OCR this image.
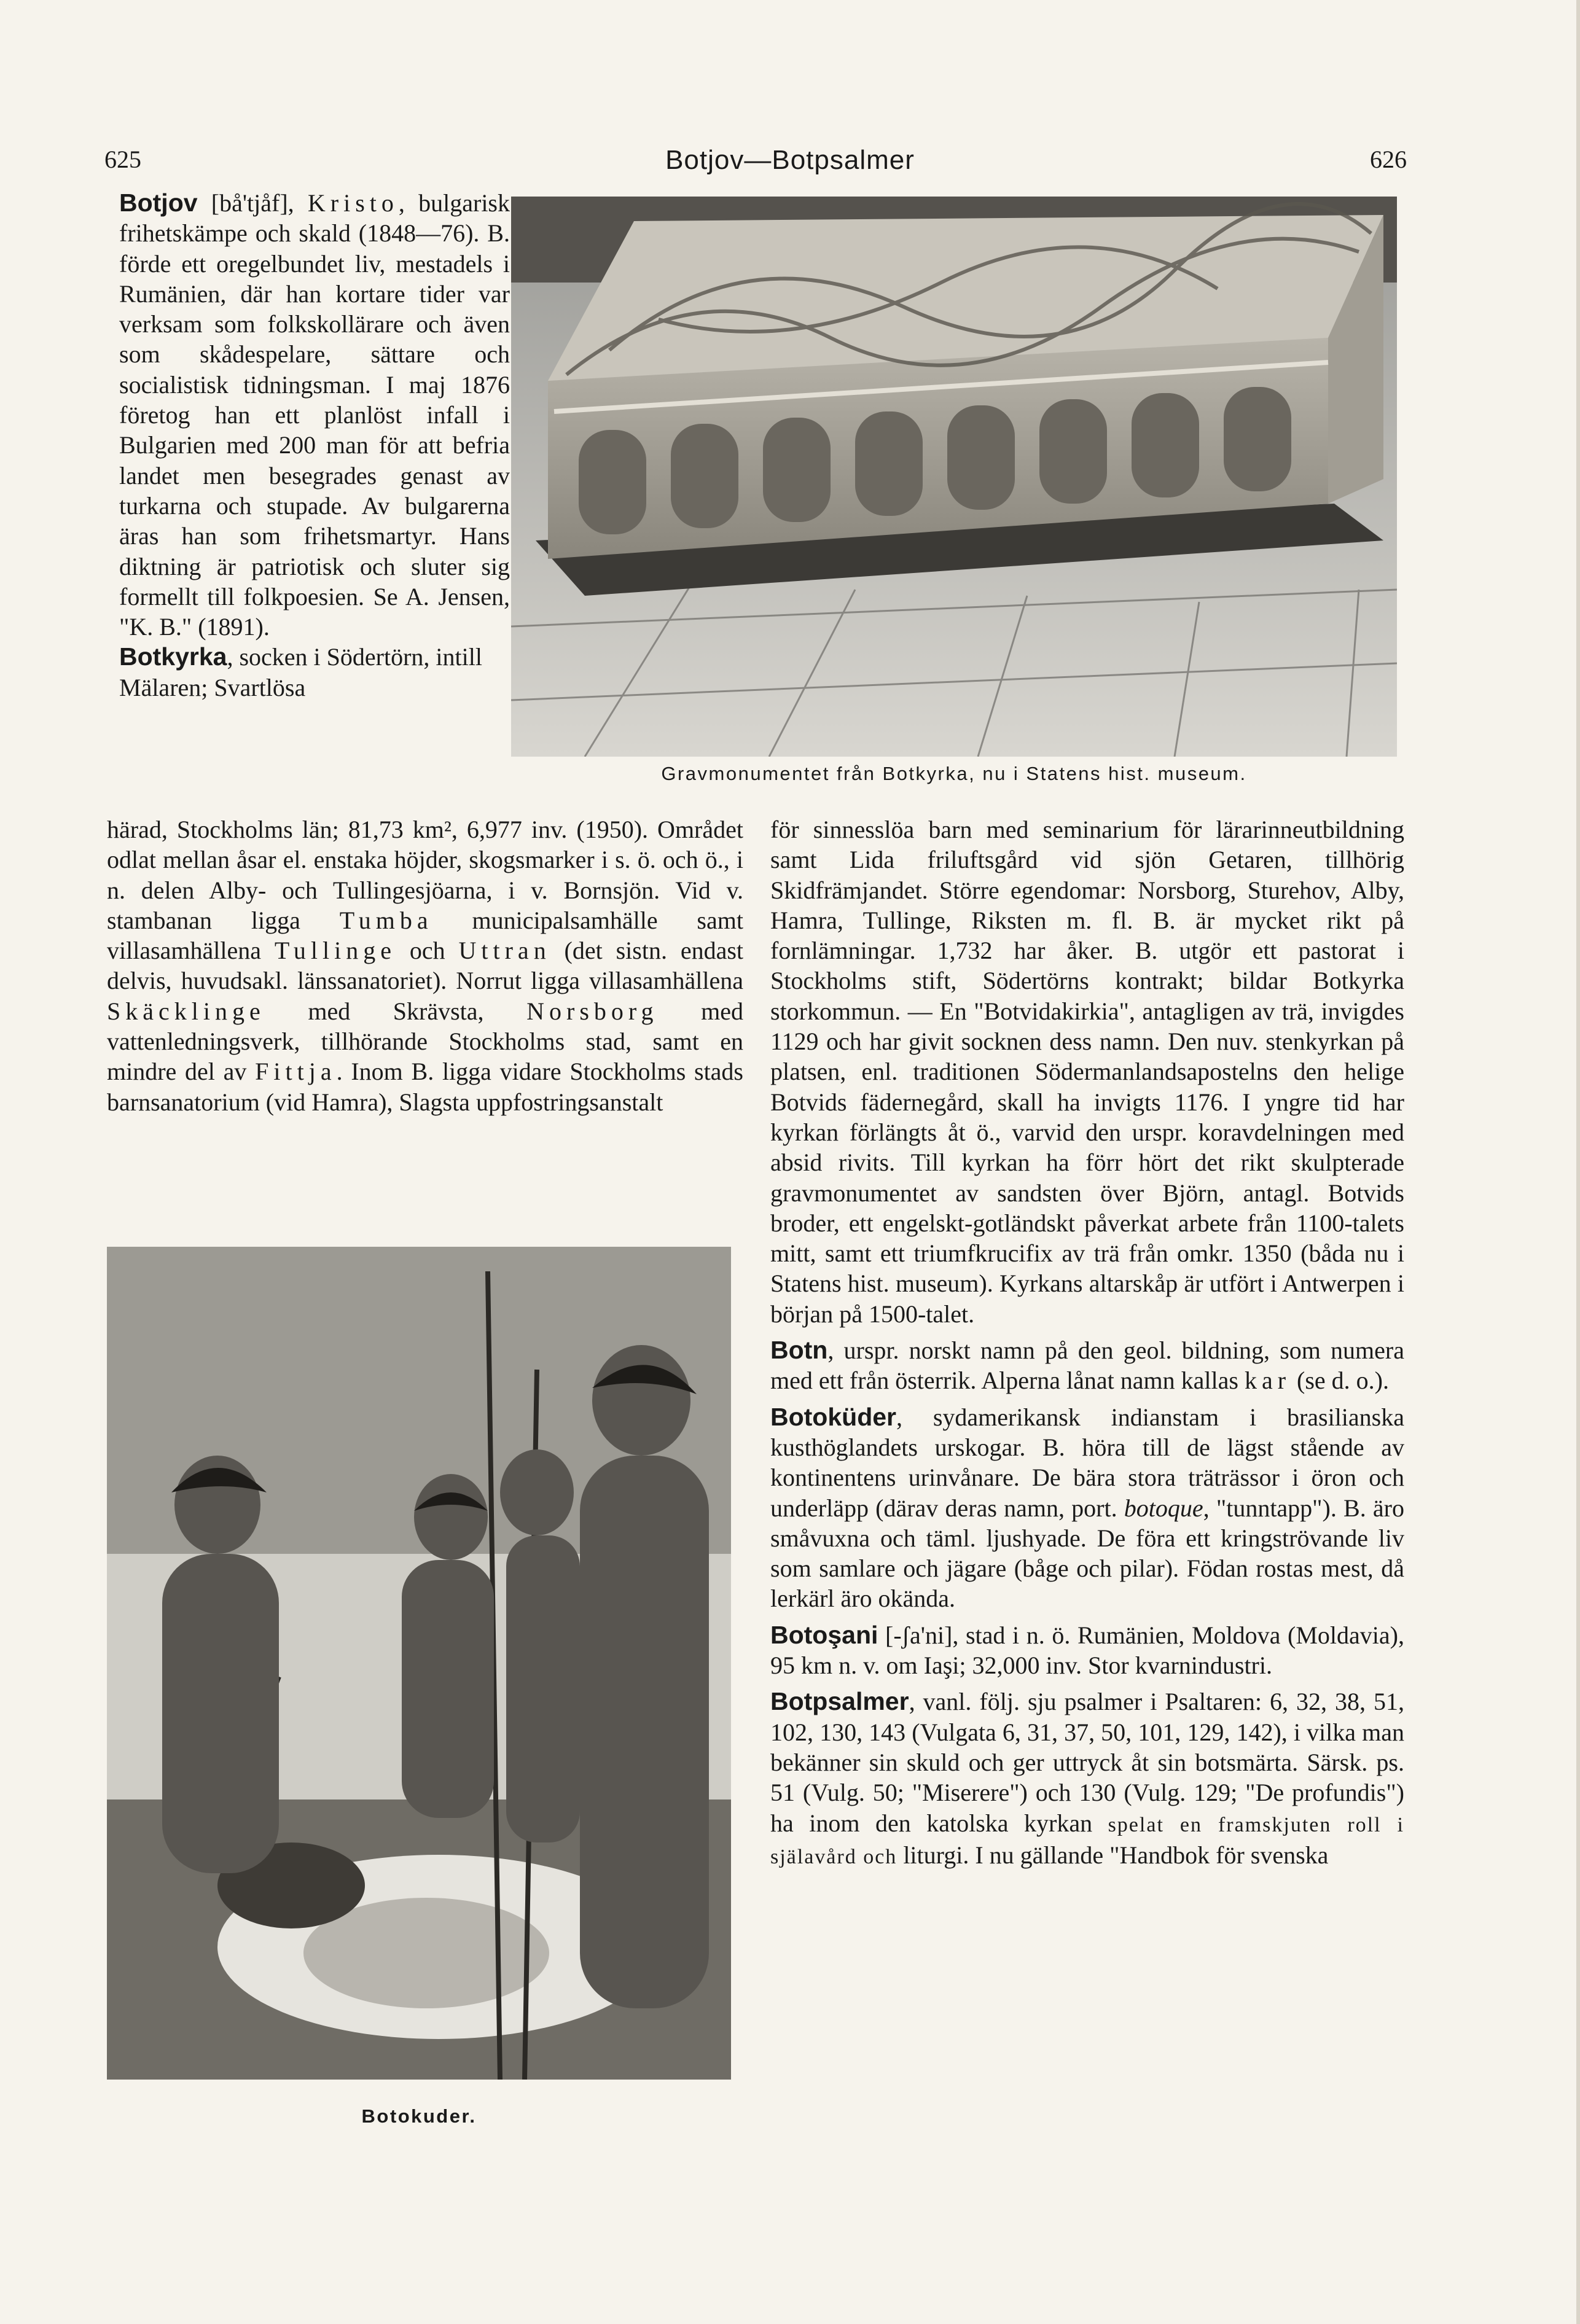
625	Botjov—Botpsalmer	626

Botjov [bå'tjåf], Kristo, bulgarisk frihetskämpe och skald (1848—76). B. förde ett oregelbundet liv, mestadels i Rumänien, där han kortare tider var verksam som folkskollärare och även som skådespelare, sättare och socialistisk tidningsman. I maj 1876 företog han ett planlöst infall i Bulgarien med 200 man för att befria landet men besegrades genast av turkarna och stupade. Av bulgarerna äras han som frihetsmartyr. Hans diktning är patriotisk och sluter sig formellt till folkpoesien. Se A. Jensen, "K. B." (1891).

Botkyrka, socken i Södertörn, intill Mälaren; Svartlösa

Gravmonumentet från Botkyrka, nu i Statens hist. museum.

härad, Stockholms län; 81,73 km², 6,977 inv. (1950). Området odlat mellan åsar el. enstaka höjder, skogsmarker i s. ö. och ö., i n. delen Alby- och Tullingesjöarna, i v. Bornsjön. Vid v. stambanan ligga Tumba municipalsamhälle samt villasamhällena Tullinge och Uttran (det sistn. endast delvis, huvudsakl. länssanatoriet). Norrut ligga villasamhällena Skäcklinge med Skrävsta, Norsborg med vattenledningsverk, tillhörande Stockholms stad, samt en mindre del av Fittja. Inom B. ligga vidare Stockholms stads barnsanatorium (vid Hamra), Slagsta uppfostringsanstalt

Botokuder.

för sinnesslöa barn med seminarium för lärarinneutbildning samt Lida friluftsgård vid sjön Getaren, tillhörig Skidfrämjandet. Större egendomar: Norsborg, Sturehov, Alby, Hamra, Tullinge, Riksten m. fl. B. är mycket rikt på fornlämningar. 1,732 har åker. B. utgör ett pastorat i Stockholms stift, Södertörns kontrakt; bildar Botkyrka storkommun. — En "Botvidakirkia", antagligen av trä, invigdes 1129 och har givit socknen dess namn. Den nuv. stenkyrkan på platsen, enl. traditionen Södermanlandsapostelns den helige Botvids fädernegård, skall ha invigts 1176. I yngre tid har kyrkan förlängts åt ö., varvid den urspr. koravdelningen med absid rivits. Till kyrkan ha förr hört det rikt skulpterade gravmonumentet av sandsten över Björn, antagl. Botvids broder, ett engelskt-gotländskt påverkat arbete från 1100-talets mitt, samt ett triumfkrucifix av trä från omkr. 1350 (båda nu i Statens hist. museum). Kyrkans altarskåp är utfört i Antwerpen i början på 1500-talet.

Botn, urspr. norskt namn på den geol. bildning, som numera med ett från österrik. Alperna lånat namn kallas kar (se d. o.).

Botoküder, sydamerikansk indianstam i brasilianska kusthöglandets urskogar. B. höra till de lägst stående av kontinentens urinvånare. De bära stora träträssor i öron och underläpp (därav deras namn, port. botoque, "tunntapp"). B. äro småvuxna och täml. ljushyade. De föra ett kringströvande liv som samlare och jägare (båge och pilar). Födan rostas mest, då lerkärl äro okända.

Botoşani [-ʃa'ni], stad i n. ö. Rumänien, Moldova (Moldavia), 95 km n. v. om Iaşi; 32,000 inv. Stor kvarnindustri.

Botpsalmer, vanl. följ. sju psalmer i Psaltaren: 6, 32, 38, 51, 102, 130, 143 (Vulgata 6, 31, 37, 50, 101, 129, 142), i vilka man bekänner sin skuld och ger uttryck åt sin botsmärta. Särsk. ps. 51 (Vulg. 50; "Miserere") och 130 (Vulg. 129; "De profundis") ha inom den katolska kyrkan spelat en framskjuten roll i själavård och liturgi. I nu gällande "Handbok för svenska
